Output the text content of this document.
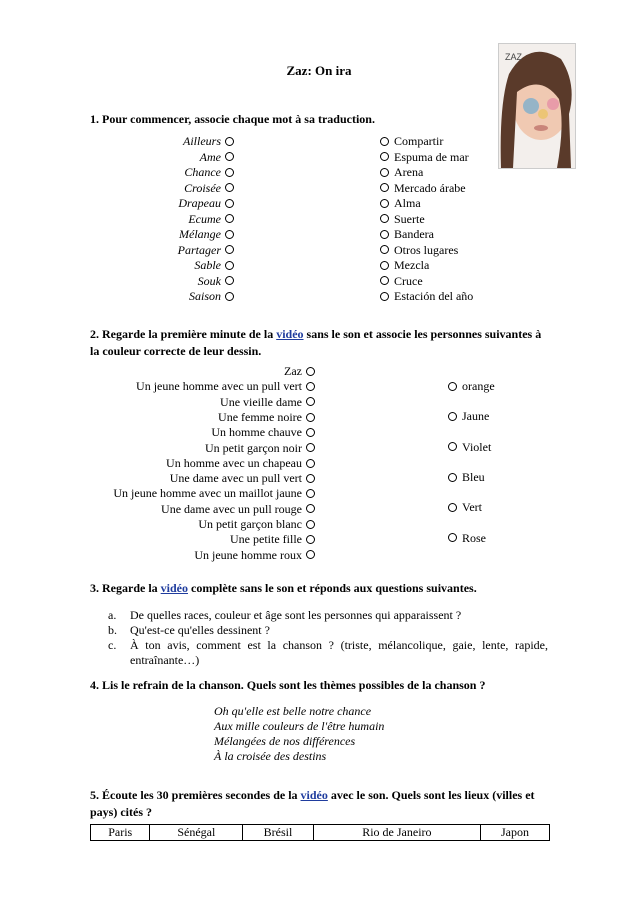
Zaz: On ira
ZAZ
1. Pour commencer, associe chaque mot à sa traduction.
Ailleurs
Ame
Chance
Croisée
Drapeau
Ecume
Mélange
Partager
Sable
Souk
Saison
Compartir
Espuma de mar
Arena
Mercado árabe
Alma
Suerte
Bandera
Otros lugares
Mezcla
Cruce
Estación del año
2. Regarde la première minute de la vidéo sans le son et associe les personnes suivantes à
la couleur correcte de leur dessin.
Zaz
Un jeune homme avec un pull vert
Une vieille dame
Une femme noire
Un homme chauve
Un petit garçon noir
Un homme avec un chapeau
Une dame avec un pull vert
Un jeune homme avec un maillot jaune
Une dame avec un pull rouge
Un petit garçon blanc
Une petite fille
Un jeune homme roux
orange
Jaune
Violet
Bleu
Vert
Rose
3. Regarde la vidéo complète sans le son et réponds aux questions suivantes.
a. De quelles races, couleur et âge sont les personnes qui apparaissent ?
b. Qu'est-ce qu'elles dessinent ?
c. À ton avis, comment est la chanson ? (triste, mélancolique, gaie, lente, rapide, entraînante…)
4. Lis le refrain de la chanson. Quels sont les thèmes possibles de la chanson ?
Oh qu'elle est belle notre chance
Aux mille couleurs de l'être humain
Mélangées de nos différences
À la croisée des destins
5. Écoute les 30 premières secondes de la vidéo avec le son. Quels sont les lieux (villes et
pays) cités ?
Paris	Sénégal	Brésil	Rio de Janeiro	Japon
